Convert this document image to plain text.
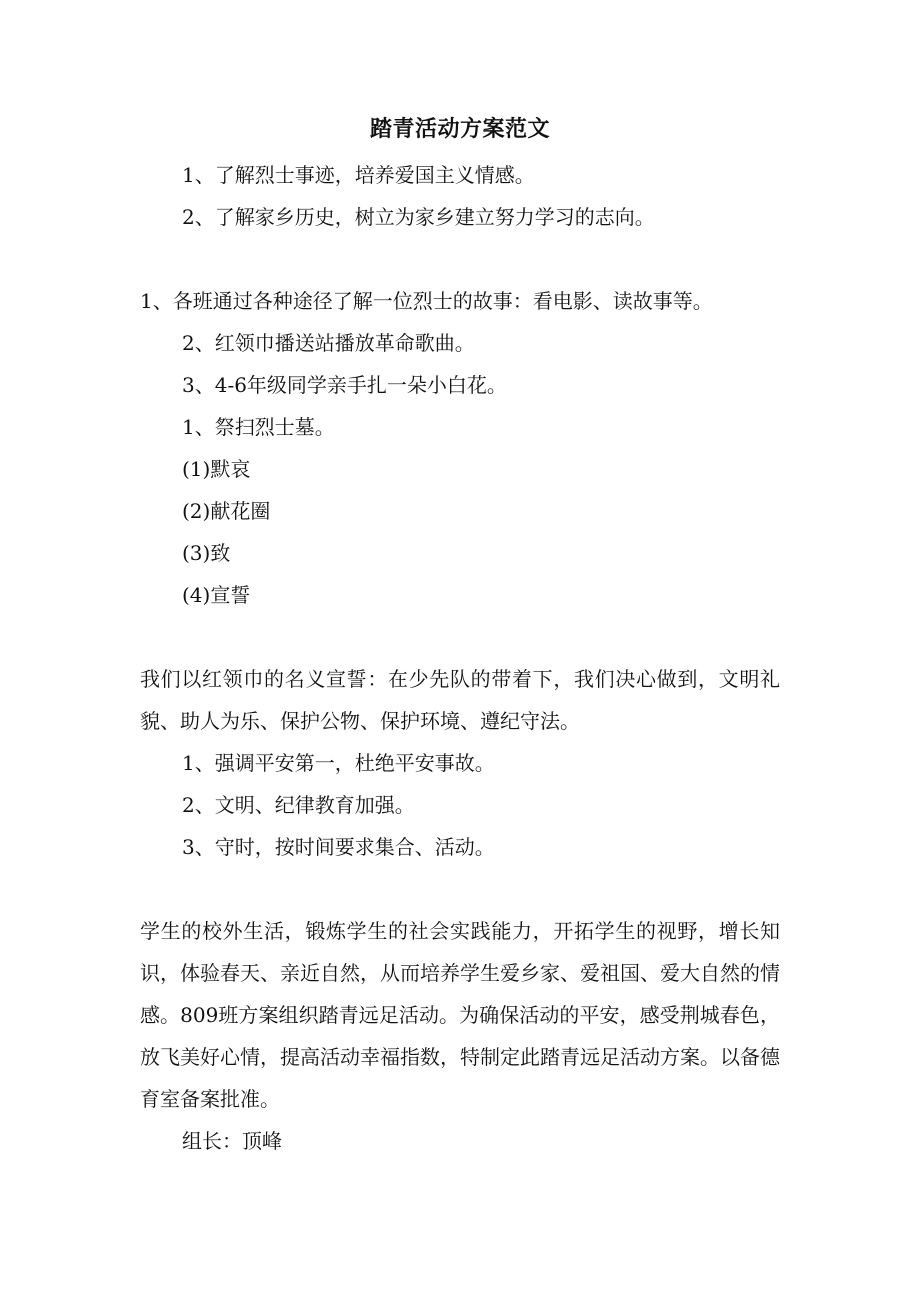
踏青活动方案范文
1、了解烈士事迹，培养爱国主义情感。
2、了解家乡历史，树立为家乡建立努力学习的志向。
1、各班通过各种途径了解一位烈士的故事：看电影、读故事等。
2、红领巾播送站播放革命歌曲。
3、4-6年级同学亲手扎一朵小白花。
1、祭扫烈士墓。
(1)默哀
(2)献花圈
(3)致
(4)宣誓
我们以红领巾的名义宣誓：在少先队的带着下，我们决心做到，文明礼貌、助人为乐、保护公物、保护环境、遵纪守法。
1、强调平安第一，杜绝平安事故。
2、文明、纪律教育加强。
3、守时，按时间要求集合、活动。
学生的校外生活，锻炼学生的社会实践能力，开拓学生的视野，增长知识，体验春天、亲近自然，从而培养学生爱乡家、爱祖国、爱大自然的情感。809班方案组织踏青远足活动。为确保活动的平安，感受荆城春色，放飞美好心情，提高活动幸福指数，特制定此踏青远足活动方案。以备德育室备案批准。
组长：顶峰
